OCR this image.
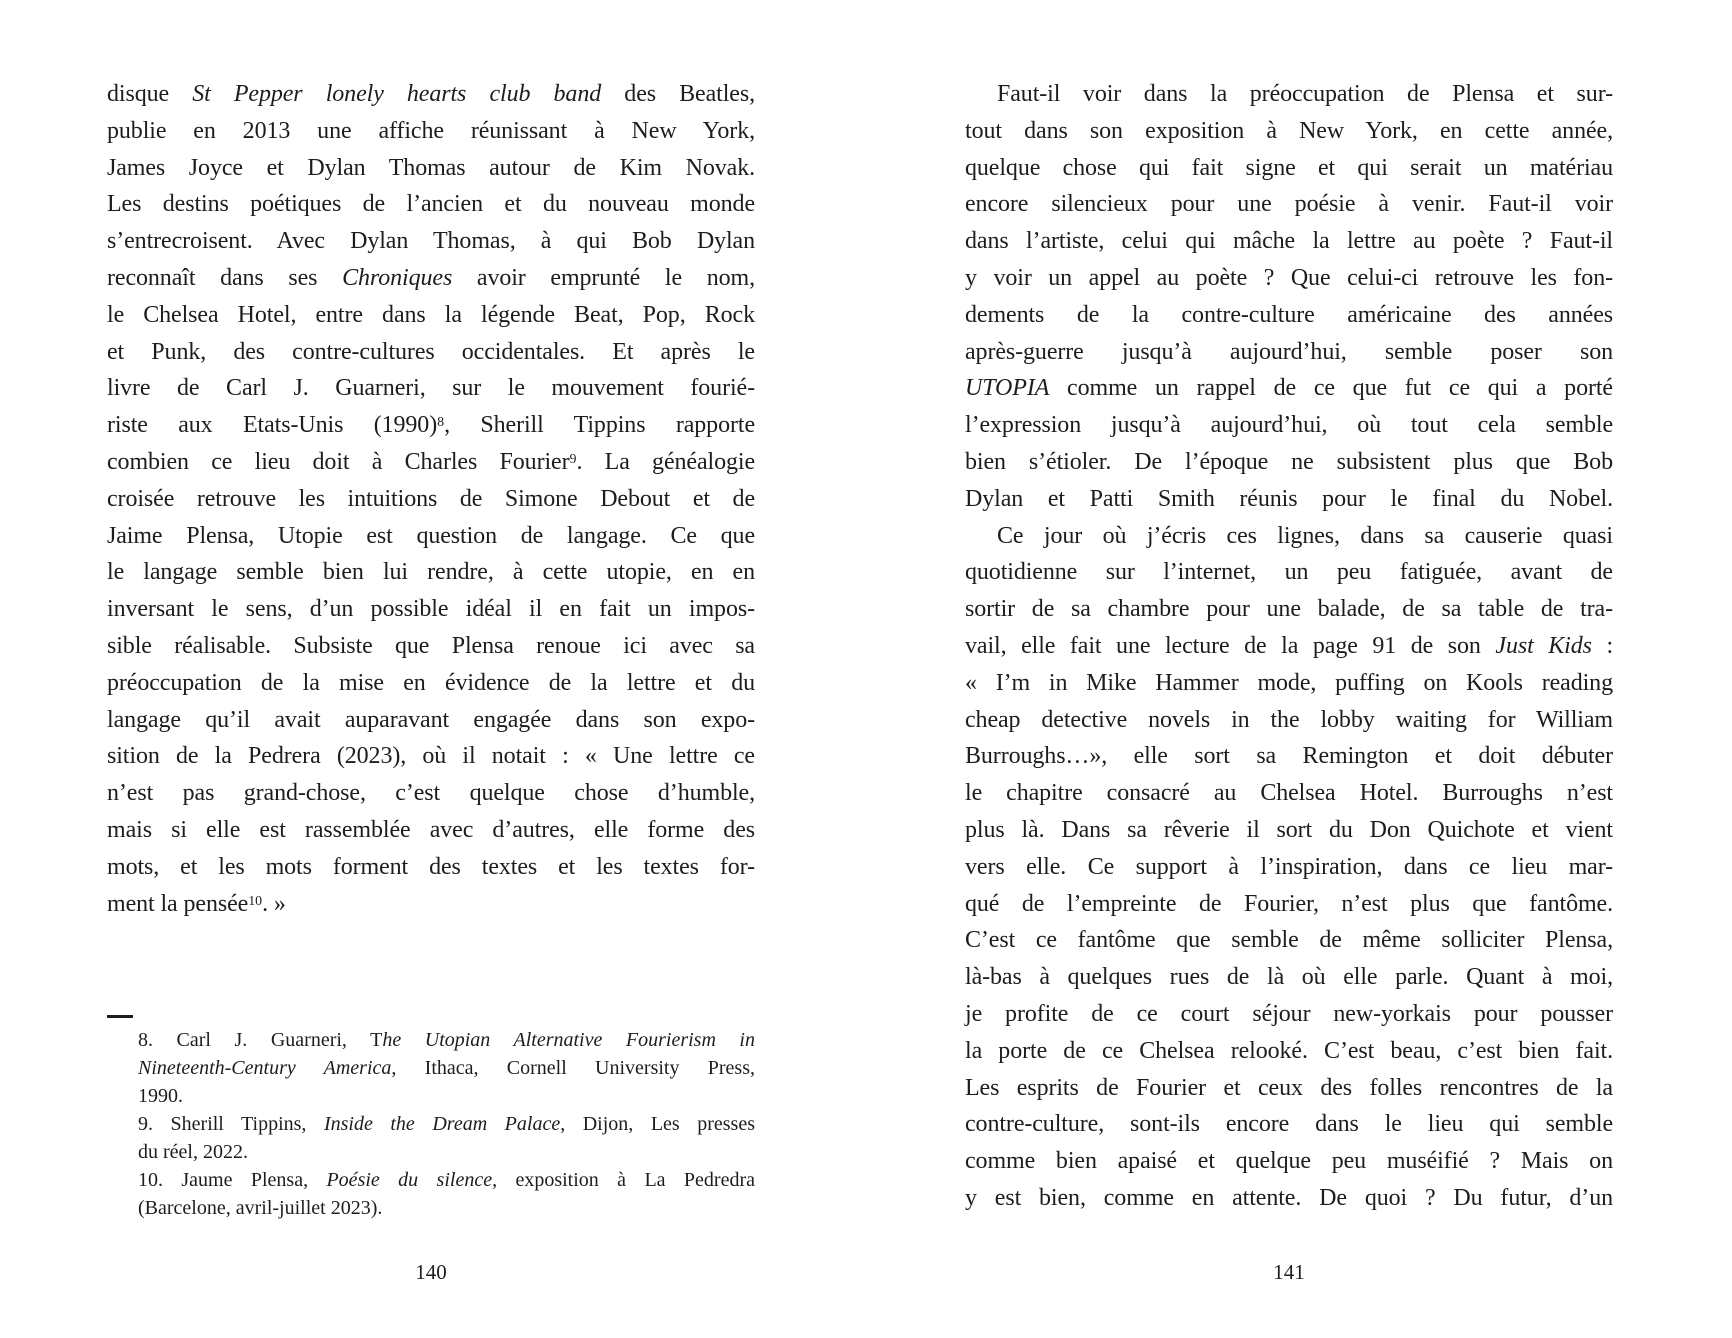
disque St Pepper lonely hearts club band des Beatles,
publie en 2013 une affiche réunissant à New York,
James Joyce et Dylan Thomas autour de Kim Novak.
Les destins poétiques de l’ancien et du nouveau monde
s’entrecroisent. Avec Dylan Thomas, à qui Bob Dylan
reconnaît dans ses Chroniques avoir emprunté le nom,
le Chelsea Hotel, entre dans la légende Beat, Pop, Rock
et Punk, des contre-cultures occidentales. Et après le
livre de Carl J. Guarneri, sur le mouvement fourié-
riste aux Etats-Unis $(1990)^8$, Sherill Tippins rapporte
combien ce lieu doit à Charles Fourier$^9$. La généalogie
croisée retrouve les intuitions de Simone Debout et de
Jaime Plensa, Utopie est question de langage. Ce que
le langage semble bien lui rendre, à cette utopie, en en
inversant le sens, d’un possible idéal il en fait un impos-
sible réalisable. Subsiste que Plensa renoue ici avec sa
préoccupation de la mise en évidence de la lettre et du
langage qu’il avait auparavant engagée dans son expo-
sition de la Pedrera (2023), où il notait : « Une lettre ce
n’est pas grand-chose, c’est quelque chose d’humble,
mais si elle est rassemblée avec d’autres, elle forme des
mots, et les mots forment des textes et les textes for-
ment la pensée$^{10}$. »
8. Carl J. Guarneri, The Utopian Alternative Fourierism in
Nineteenth-Century America, Ithaca, Cornell University Press,
1990.
9. Sherill Tippins, Inside the Dream Palace, Dijon, Les presses
du réel, 2022.
10. Jaume Plensa, Poésie du silence, exposition à La Pedredra
(Barcelone, avril-juillet 2023).
140
Faut-il voir dans la préoccupation de Plensa et sur-
tout dans son exposition à New York, en cette année,
quelque chose qui fait signe et qui serait un matériau
encore silencieux pour une poésie à venir. Faut-il voir
dans l’artiste, celui qui mâche la lettre au poète ? Faut-il
y voir un appel au poète ? Que celui-ci retrouve les fon-
dements de la contre-culture américaine des années
après-guerre jusqu’à aujourd’hui, semble poser son
UTOPIA comme un rappel de ce que fut ce qui a porté
l’expression jusqu’à aujourd’hui, où tout cela semble
bien s’étioler. De l’époque ne subsistent plus que Bob
Dylan et Patti Smith réunis pour le final du Nobel.
Ce jour où j’écris ces lignes, dans sa causerie quasi
quotidienne sur l’internet, un peu fatiguée, avant de
sortir de sa chambre pour une balade, de sa table de tra-
vail, elle fait une lecture de la page 91 de son Just Kids :
« I’m in Mike Hammer mode, puffing on Kools reading
cheap detective novels in the lobby waiting for William
Burroughs…», elle sort sa Remington et doit débuter
le chapitre consacré au Chelsea Hotel. Burroughs n’est
plus là. Dans sa rêverie il sort du Don Quichote et vient
vers elle. Ce support à l’inspiration, dans ce lieu mar-
qué de l’empreinte de Fourier, n’est plus que fantôme.
C’est ce fantôme que semble de même solliciter Plensa,
là-bas à quelques rues de là où elle parle. Quant à moi,
je profite de ce court séjour new-yorkais pour pousser
la porte de ce Chelsea relooké. C’est beau, c’est bien fait.
Les esprits de Fourier et ceux des folles rencontres de la
contre-culture, sont-ils encore dans le lieu qui semble
comme bien apaisé et quelque peu muséifié ? Mais on
y est bien, comme en attente. De quoi ? Du futur, d’un
141
